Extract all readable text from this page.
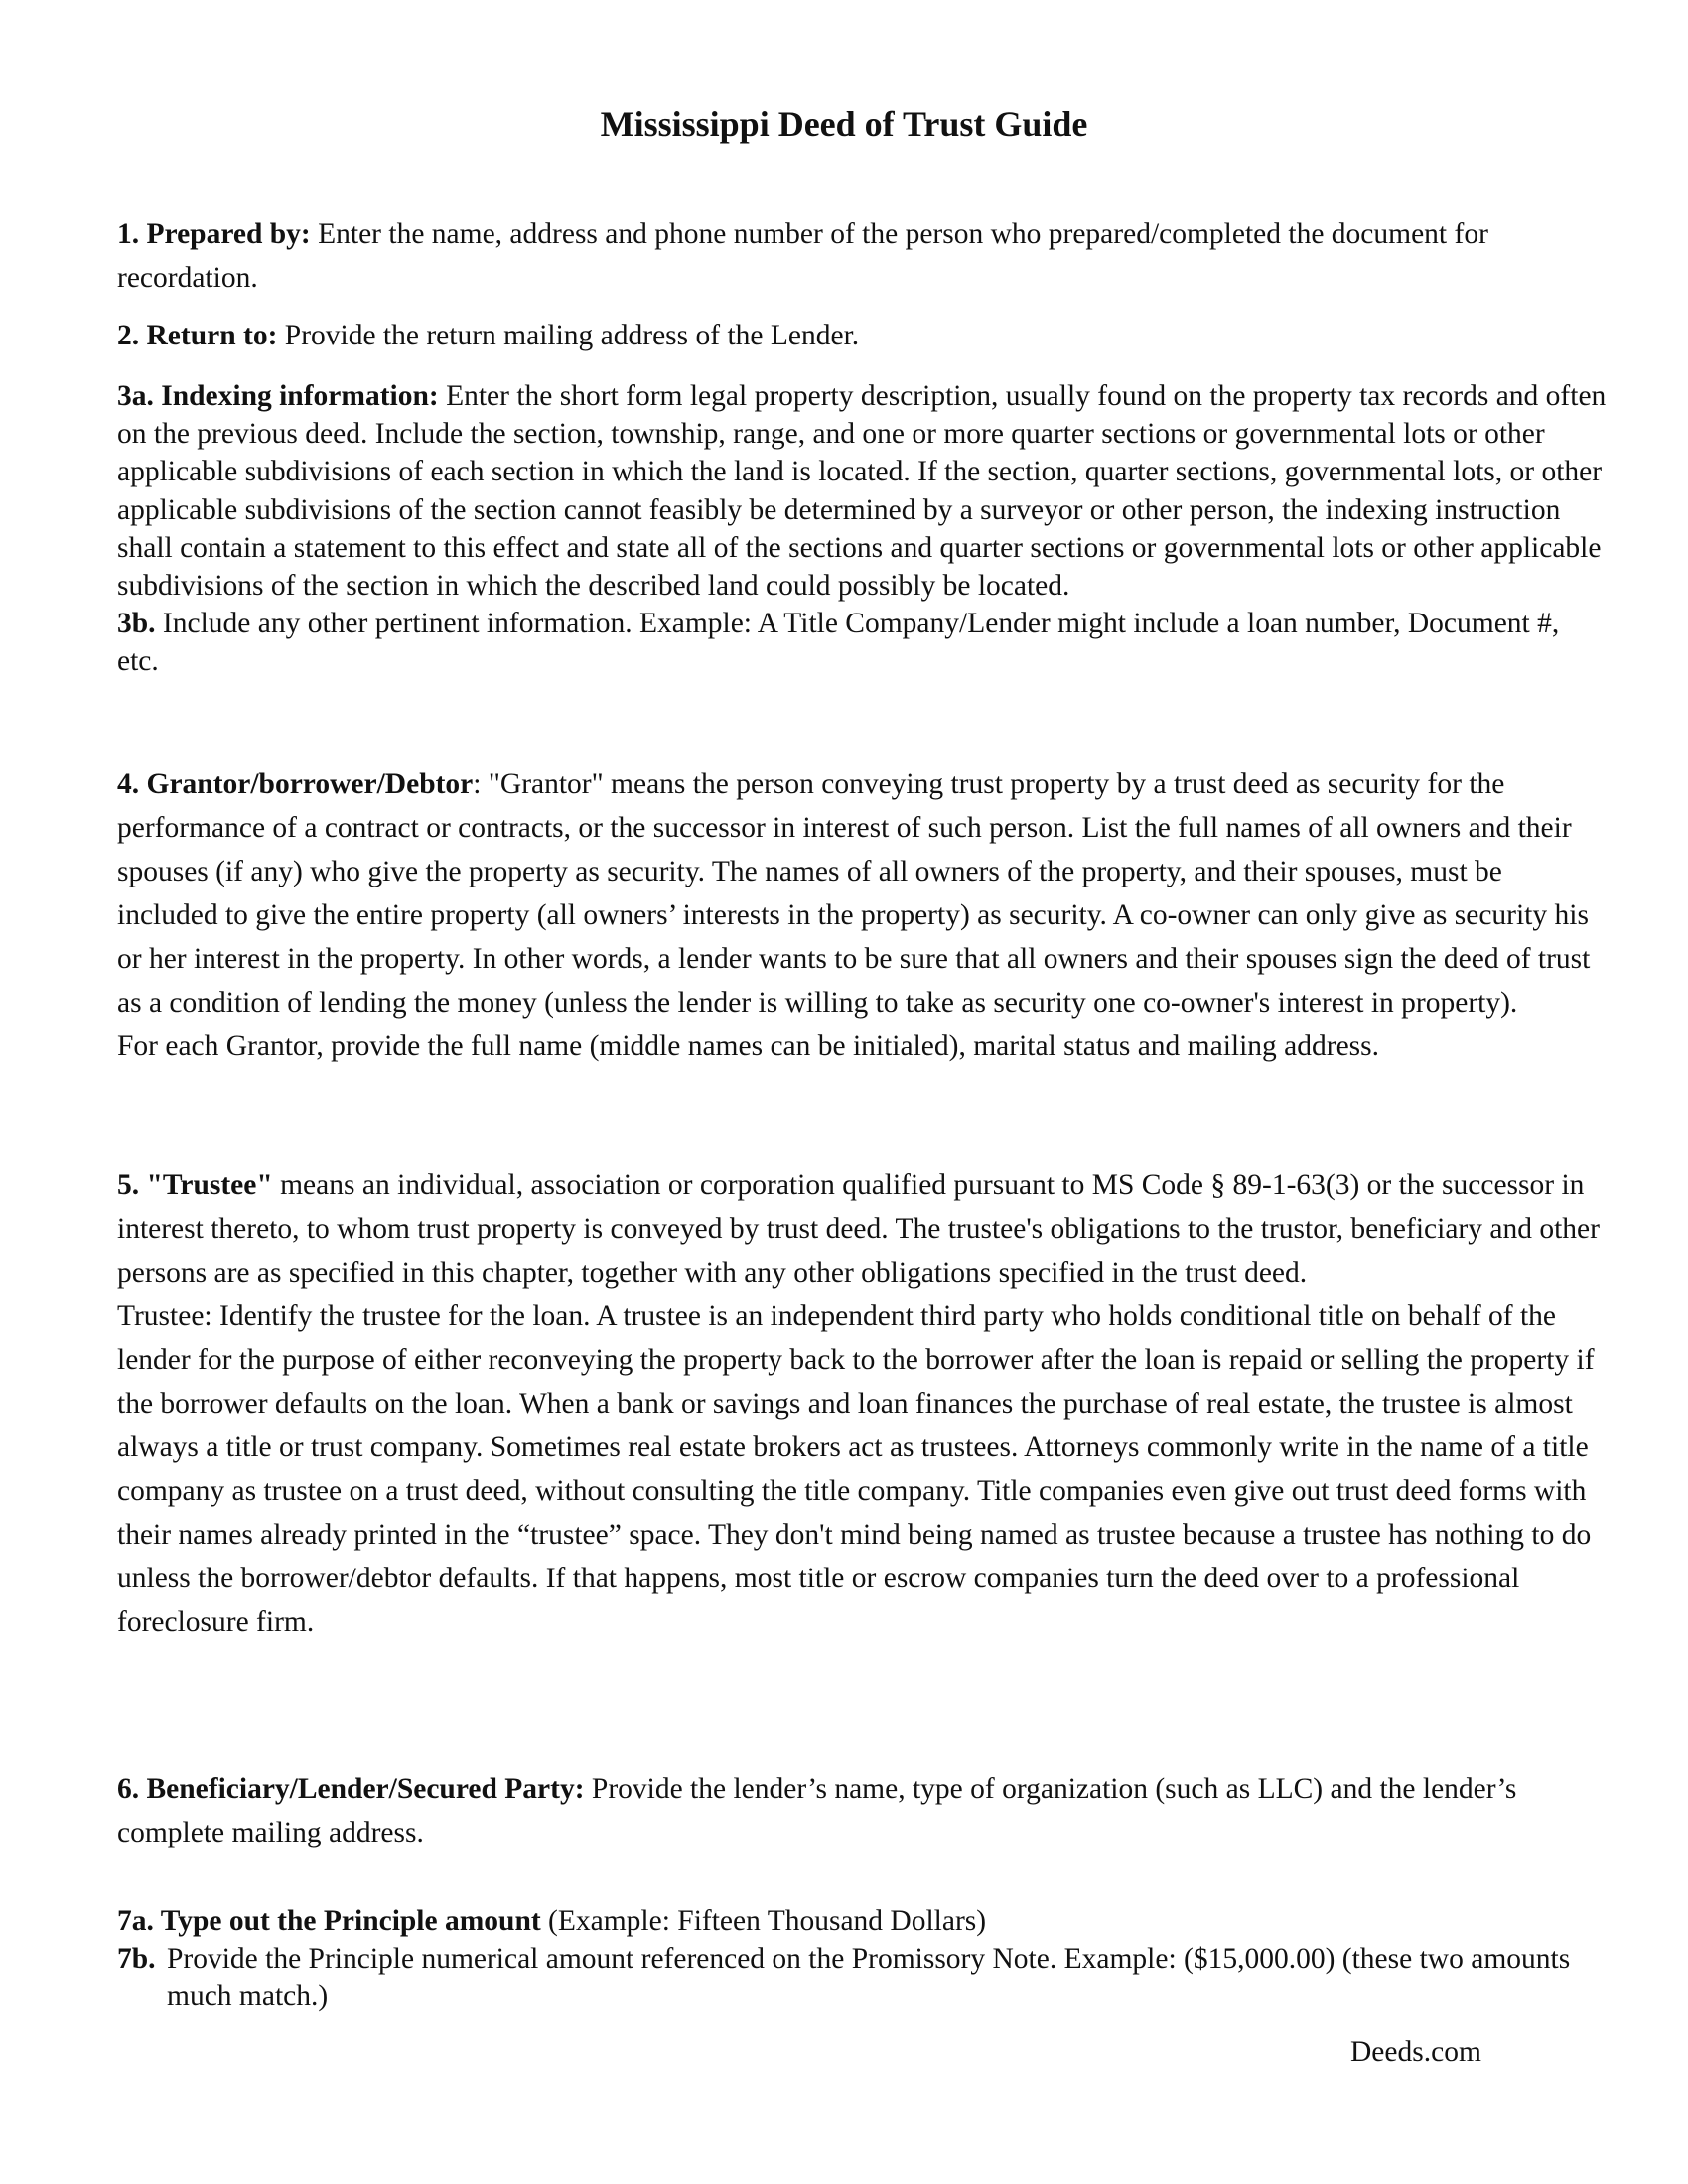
Mississippi Deed of Trust Guide

1. Prepared by: Enter the name, address and phone number of the person who prepared/completed the document for recordation.

2. Return to: Provide the return mailing address of the Lender.

3a. Indexing information: Enter the short form legal property description, usually found on the property tax records and often on the previous deed. Include the section, township, range, and one or more quarter sections or governmental lots or other applicable subdivisions of each section in which the land is located. If the section, quarter sections, governmental lots, or other applicable subdivisions of the section cannot feasibly be determined by a surveyor or other person, the indexing instruction shall contain a statement to this effect and state all of the sections and quarter sections or governmental lots or other applicable subdivisions of the section in which the described land could possibly be located.
3b. Include any other pertinent information. Example: A Title Company/Lender might include a loan number, Document #, etc.

4. Grantor/borrower/Debtor: "Grantor" means the person conveying trust property by a trust deed as security for the performance of a contract or contracts, or the successor in interest of such person. List the full names of all owners and their spouses (if any) who give the property as security. The names of all owners of the property, and their spouses, must be included to give the entire property (all owners’ interests in the property) as security. A co-owner can only give as security his or her interest in the property. In other words, a lender wants to be sure that all owners and their spouses sign the deed of trust as a condition of lending the money (unless the lender is willing to take as security one co-owner's interest in property).
For each Grantor, provide the full name (middle names can be initialed), marital status and mailing address.

5. "Trustee" means an individual, association or corporation qualified pursuant to MS Code § 89-1-63(3) or the successor in interest thereto, to whom trust property is conveyed by trust deed. The trustee's obligations to the trustor, beneficiary and other persons are as specified in this chapter, together with any other obligations specified in the trust deed.
Trustee: Identify the trustee for the loan. A trustee is an independent third party who holds conditional title on behalf of the lender for the purpose of either reconveying the property back to the borrower after the loan is repaid or selling the property if the borrower defaults on the loan. When a bank or savings and loan finances the purchase of real estate, the trustee is almost always a title or trust company. Sometimes real estate brokers act as trustees. Attorneys commonly write in the name of a title company as trustee on a trust deed, without consulting the title company. Title companies even give out trust deed forms with their names already printed in the “trustee” space. They don't mind being named as trustee because a trustee has nothing to do unless the borrower/debtor defaults. If that happens, most title or escrow companies turn the deed over to a professional foreclosure firm.

6. Beneficiary/Lender/Secured Party: Provide the lender’s name, type of organization (such as LLC) and the lender’s complete mailing address.

7a. Type out the Principle amount (Example: Fifteen Thousand Dollars)

7b. Provide the Principle numerical amount referenced on the Promissory Note. Example: ($15,000.00) (these two amounts much match.)
Deeds.com
